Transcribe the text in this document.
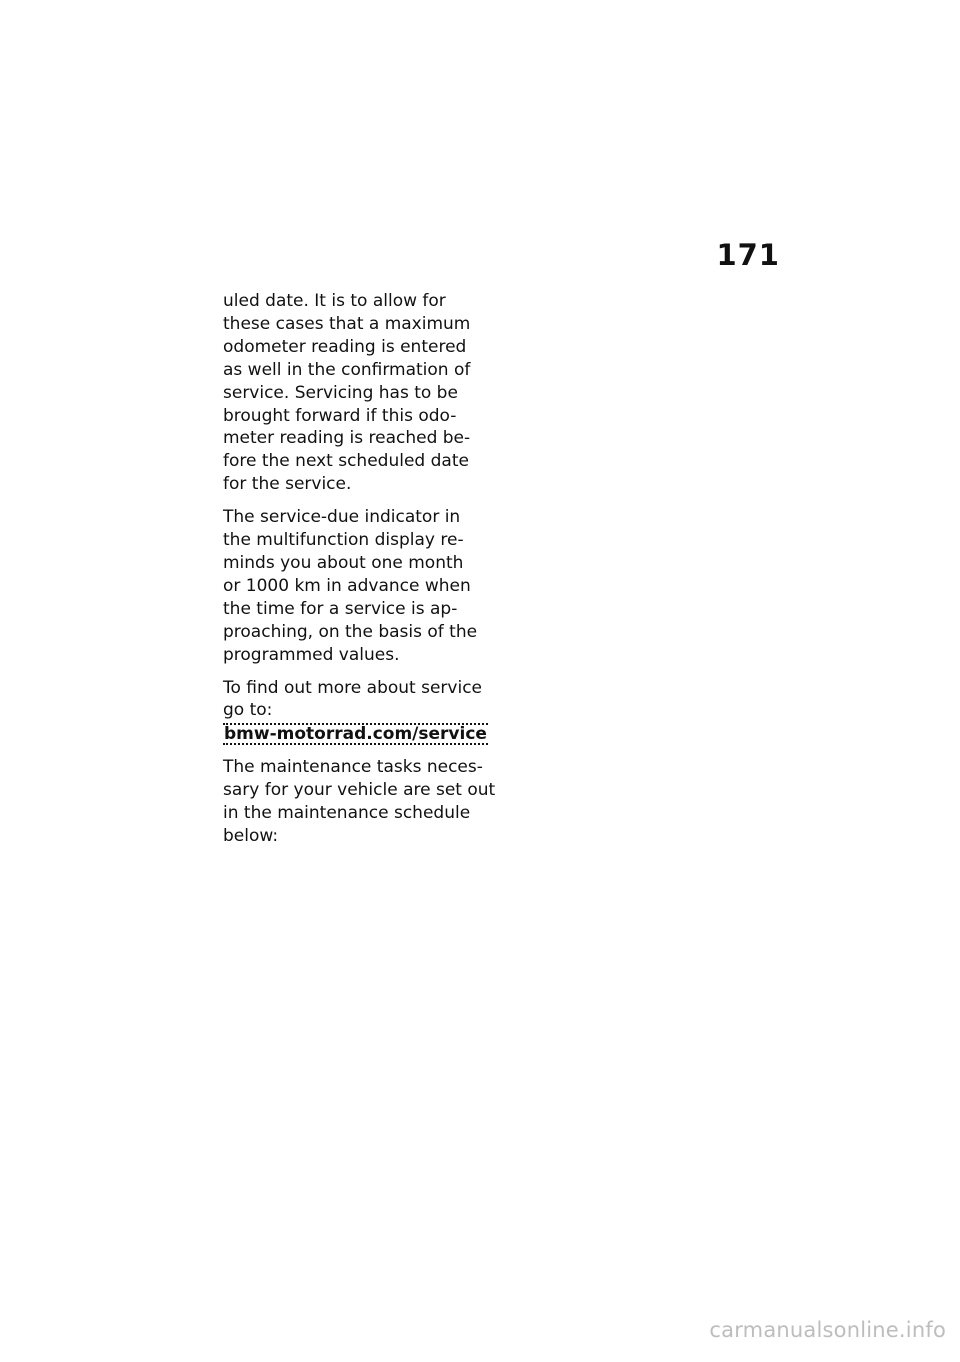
171

uled date. It is to allow for
these cases that a maximum
odometer reading is entered
as well in the confirmation of
service. Servicing has to be
brought forward if this odo-
meter reading is reached be-
fore the next scheduled date
for the service.

The service-due indicator in
the multifunction display re-
minds you about one month
or 1000 km in advance when
the time for a service is ap-
proaching, on the basis of the
programmed values.

To find out more about service
go to:
bmw-motorrad.com/service

The maintenance tasks neces-
sary for your vehicle are set out
in the maintenance schedule
below:

carmanualsonline.info
